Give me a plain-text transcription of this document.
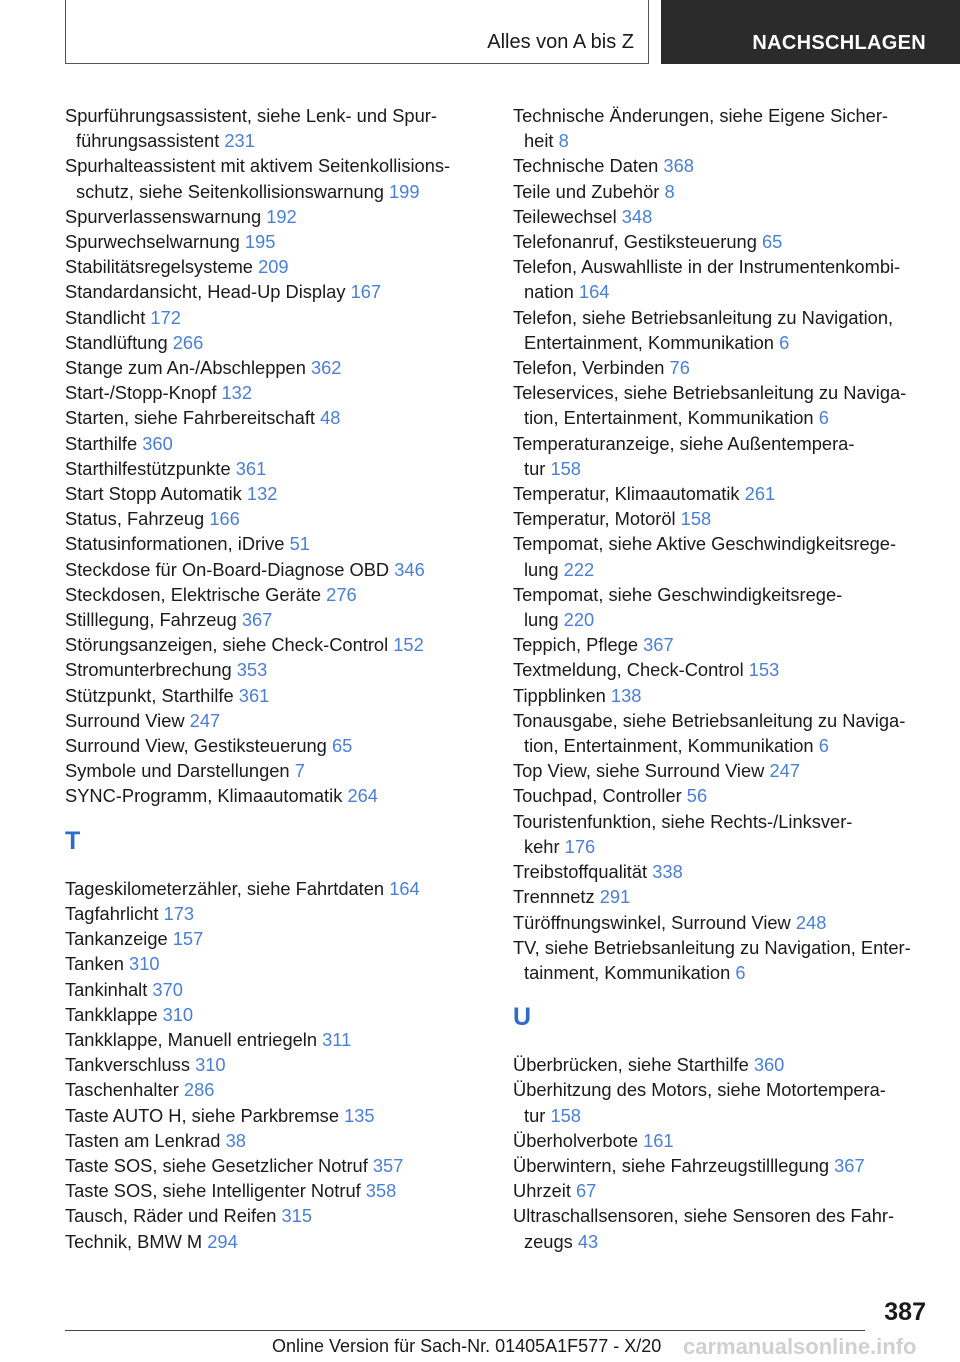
Alles von A bis Z	NACHSCHLAGEN
Spurführungsassistent, siehe Lenk- und Spur-
führungsassistent 231
Spurhalteassistent mit aktivem Seitenkollisions-
schutz, siehe Seitenkollisionswarnung 199
Spurverlassenswarnung 192
Spurwechselwarnung 195
Stabilitätsregelsysteme 209
Standardansicht, Head-Up Display 167
Standlicht 172
Standlüftung 266
Stange zum An-/Abschleppen 362
Start-/Stopp-Knopf 132
Starten, siehe Fahrbereitschaft 48
Starthilfe 360
Starthilfestützpunkte 361
Start Stopp Automatik 132
Status, Fahrzeug 166
Statusinformationen, iDrive 51
Steckdose für On-Board-Diagnose OBD 346
Steckdosen, Elektrische Geräte 276
Stilllegung, Fahrzeug 367
Störungsanzeigen, siehe Check-Control 152
Stromunterbrechung 353
Stützpunkt, Starthilfe 361
Surround View 247
Surround View, Gestiksteuerung 65
Symbole und Darstellungen 7
SYNC-Programm, Klimaautomatik 264
T
Tageskilometerzähler, siehe Fahrtdaten 164
Tagfahrlicht 173
Tankanzeige 157
Tanken 310
Tankinhalt 370
Tankklappe 310
Tankklappe, Manuell entriegeln 311
Tankverschluss 310
Taschenhalter 286
Taste AUTO H, siehe Parkbremse 135
Tasten am Lenkrad 38
Taste SOS, siehe Gesetzlicher Notruf 357
Taste SOS, siehe Intelligenter Notruf 358
Tausch, Räder und Reifen 315
Technik, BMW M 294
Technische Änderungen, siehe Eigene Sicher-
heit 8
Technische Daten 368
Teile und Zubehör 8
Teilewechsel 348
Telefonanruf, Gestiksteuerung 65
Telefon, Auswahlliste in der Instrumentenkombi-
nation 164
Telefon, siehe Betriebsanleitung zu Navigation,
Entertainment, Kommunikation 6
Telefon, Verbinden 76
Teleservices, siehe Betriebsanleitung zu Naviga-
tion, Entertainment, Kommunikation 6
Temperaturanzeige, siehe Außentempera-
tur 158
Temperatur, Klimaautomatik 261
Temperatur, Motoröl 158
Tempomat, siehe Aktive Geschwindigkeitsrege-
lung 222
Tempomat, siehe Geschwindigkeitsrege-
lung 220
Teppich, Pflege 367
Textmeldung, Check-Control 153
Tippblinken 138
Tonausgabe, siehe Betriebsanleitung zu Naviga-
tion, Entertainment, Kommunikation 6
Top View, siehe Surround View 247
Touchpad, Controller 56
Touristenfunktion, siehe Rechts-/Linksver-
kehr 176
Treibstoffqualität 338
Trennnetz 291
Türöffnungswinkel, Surround View 248
TV, siehe Betriebsanleitung zu Navigation, Enter-
tainment, Kommunikation 6
U
Überbrücken, siehe Starthilfe 360
Überhitzung des Motors, siehe Motortempera-
tur 158
Überholverbote 161
Überwintern, siehe Fahrzeugstilllegung 367
Uhrzeit 67
Ultraschallsensoren, siehe Sensoren des Fahr-
zeugs 43
387
Online Version für Sach-Nr. 01405A1F577 - X/20 carmanualsonline.info
